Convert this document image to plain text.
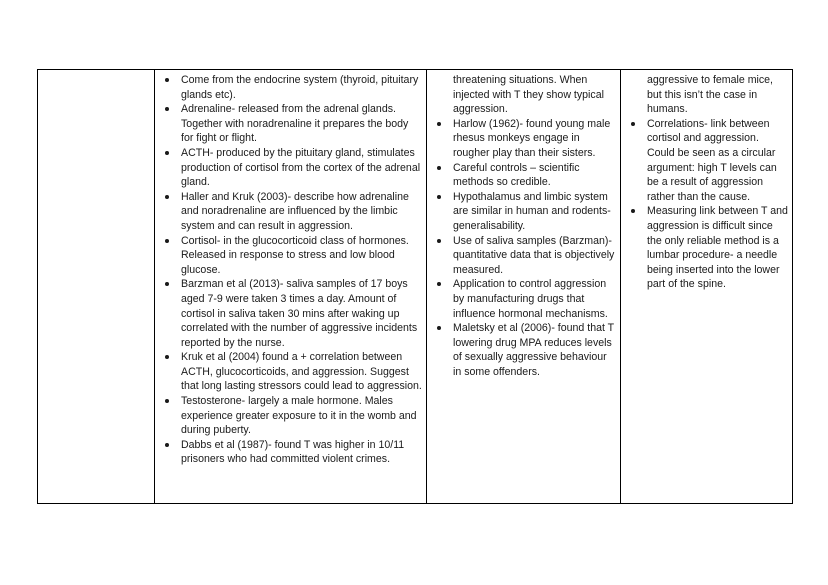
Come from the endocrine system (thyroid, pituitary glands etc).
Adrenaline- released from the adrenal glands. Together with noradrenaline it prepares the body for fight or flight.
ACTH- produced by the pituitary gland, stimulates production of cortisol from the cortex of the adrenal gland.
Haller and Kruk (2003)- describe how adrenaline and noradrenaline are influenced by the limbic system and can result in aggression.
Cortisol- in the glucocorticoid class of hormones. Released in response to stress and low blood glucose.
Barzman et al (2013)- saliva samples of 17 boys aged 7-9 were taken 3 times a day. Amount of cortisol in saliva taken 30 mins after waking up correlated with the number of aggressive incidents reported by the nurse.
Kruk et al (2004) found a + correlation between ACTH, glucocorticoids, and aggression. Suggest that long lasting stressors could lead to aggression.
Testosterone- largely a male hormone. Males experience greater exposure to it in the womb and during puberty.
Dabbs et al (1987)- found T was higher in 10/11 prisoners who had committed violent crimes.

threatening situations. When injected with T they show typical aggression.
Harlow (1962)- found young male rhesus monkeys engage in rougher play than their sisters.
Careful controls – scientific methods so credible.
Hypothalamus and limbic system are similar in human and rodents- generalisability.
Use of saliva samples (Barzman)- quantitative data that is objectively measured.
Application to control aggression by manufacturing drugs that influence hormonal mechanisms.
Maletsky et al (2006)- found that T lowering drug MPA reduces levels of sexually aggressive behaviour in some offenders.

aggressive to female mice, but this isn’t the case in humans.
Correlations- link between cortisol and aggression. Could be seen as a circular argument: high T levels can be a result of aggression rather than the cause.
Measuring link between T and aggression is difficult since the only reliable method is a lumbar procedure- a needle being inserted into the lower part of the spine.
